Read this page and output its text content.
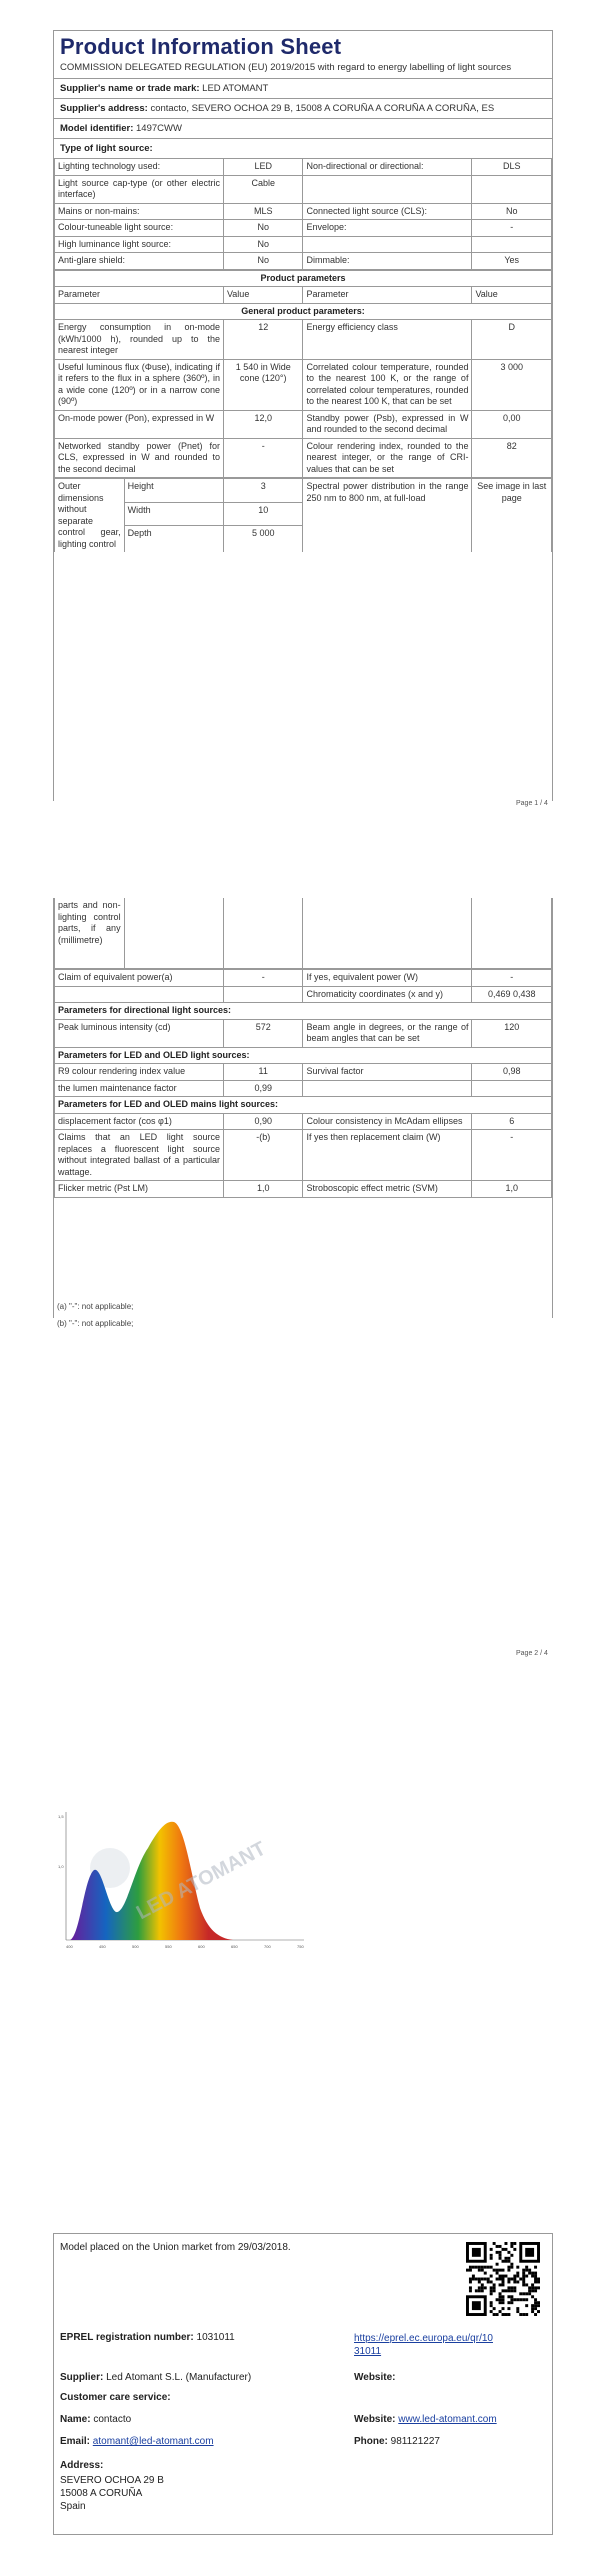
Product Information Sheet
COMMISSION DELEGATED REGULATION (EU) 2019/2015 with regard to energy labelling of light sources
Supplier's name or trade mark: LED ATOMANT
Supplier's address: contacto, SEVERO OCHOA 29 B, 15008 A CORUÑA A CORUÑA A CORUÑA, ES
Model identifier: 1497CWW
Type of light source:
Lighting technology used:	LED	Non-directional or directional:	DLS
Light source cap-type (or other electric interface)	Cable		
Mains or non-mains:	MLS	Connected light source (CLS):	No
Colour-tuneable light source:	No	Envelope:	-
High luminance light source:	No		
Anti-glare shield:	No	Dimmable:	Yes
Product parameters			
Parameter	Value	Parameter	Value
General product parameters:			
Energy consumption in on-mode (kWh/1000 h), rounded up to the nearest integer	12	Energy efficiency class	D
Useful luminous flux (Φuse), indicating if it refers to the flux in a sphere (360º), in a wide cone (120º) or in a narrow cone (90º)	1 540 in Wide cone (120°)	Correlated colour temperature, rounded to the nearest 100 K, or the range of correlated colour temperatures, rounded to the nearest 100 K, that can be set	3 000
On-mode power (Pon), expressed in W	12,0	Standby power (Psb), expressed in W and rounded to the second decimal	0,00
Networked standby power (Pnet) for CLS, expressed in W and rounded to the second decimal	-	Colour rendering index, rounded to the nearest integer, or the range of CRI-values that can be set	82
Outer dimensions without separate control gear, lighting control	Height	3	Spectral power distribution in the range 250 nm to 800 nm, at full-load	See image in last page
	Width	10		
	Depth	5 000		
Page 1 / 4
parts and non-lighting control parts, if any (millimetre)				
Claim of equivalent power(a)	-	If yes, equivalent power (W)	-
		Chromaticity coordinates (x and y)	0,469 0,438
Parameters for directional light sources:			
Peak luminous intensity (cd)	572	Beam angle in degrees, or the range of beam angles that can be set	120
Parameters for LED and OLED light sources:			
R9 colour rendering index value	11	Survival factor	0,98
the lumen maintenance factor	0,99		
Parameters for LED and OLED mains light sources:			
displacement factor (cos φ1)	0,90	Colour consistency in McAdam ellipses	6
Claims that an LED light source replaces a fluorescent light source without integrated ballast of a particular wattage.	-(b)	If yes then replacement claim (W)	-
Flicker metric (Pst LM)	1,0	Stroboscopic effect metric (SVM)	1,0
(a) "-": not applicable;
(b) "-": not applicable;
Page 2 / 4
1,5
1,0
400	450	500	550	600	650	700	750
LED ATOMANT
Model placed on the Union market from 29/03/2018.
EPREL registration number: 1031011	https://eprel.ec.europa.eu/qr/10
31011
Supplier: Led Atomant S.L. (Manufacturer)	Website:
Customer care service:
Name: contacto	Website: www.led-atomant.com
Email: atomant@led-atomant.com	Phone: 981121227
Address:
SEVERO OCHOA 29 B
15008 A CORUÑA
Spain
